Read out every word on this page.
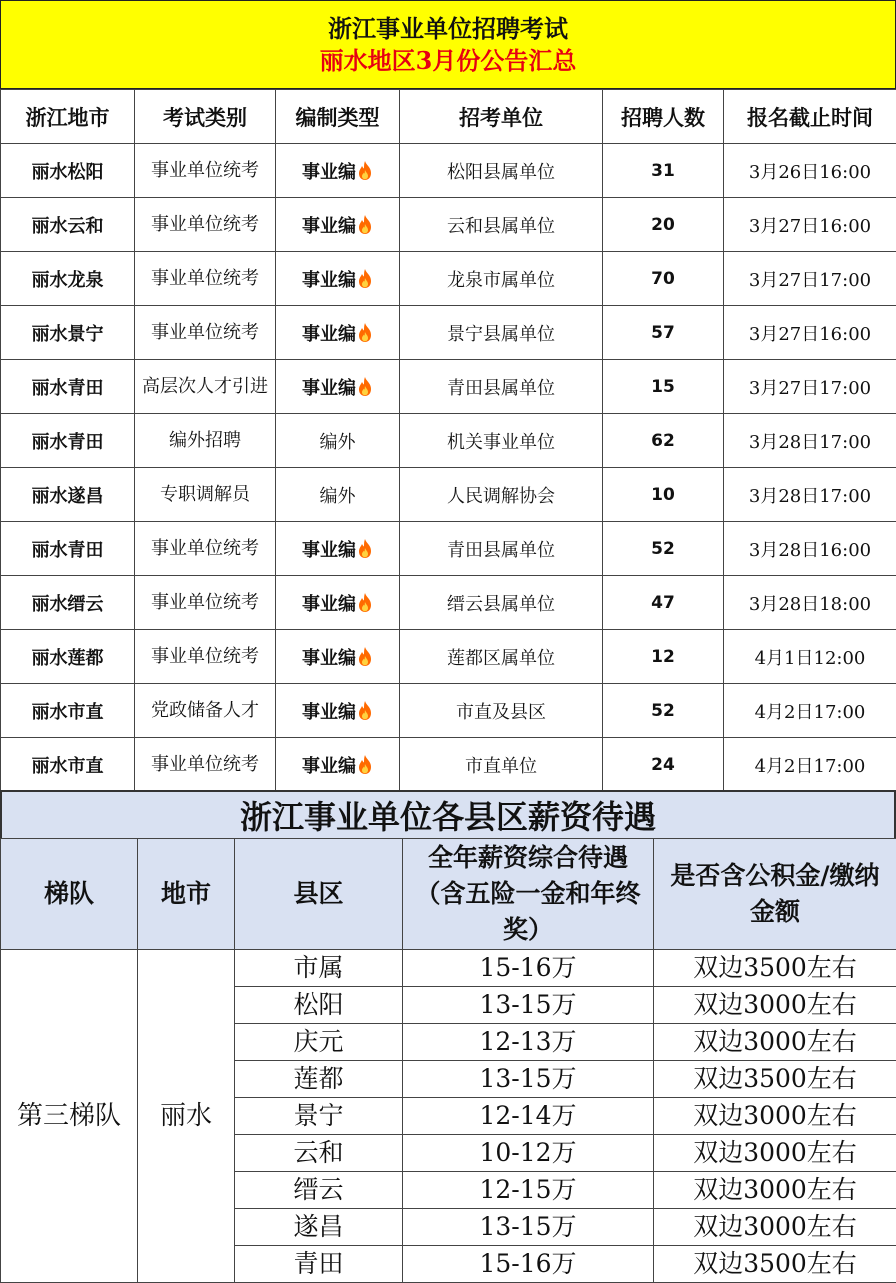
浙江事业单位招聘考试
丽水地区3月份公告汇总
浙江地市	考试类别	编制类型	招考单位	招聘人数	报名截止时间
丽水松阳	事业单位统考	事业编	松阳县属单位	31	3月26日16:00
丽水云和	事业单位统考	事业编	云和县属单位	20	3月27日16:00
丽水龙泉	事业单位统考	事业编	龙泉市属单位	70	3月27日17:00
丽水景宁	事业单位统考	事业编	景宁县属单位	57	3月27日16:00
丽水青田	高层次人才引进	事业编	青田县属单位	15	3月27日17:00
丽水青田	编外招聘	编外	机关事业单位	62	3月28日17:00
丽水遂昌	专职调解员	编外	人民调解协会	10	3月28日17:00
丽水青田	事业单位统考	事业编	青田县属单位	52	3月28日16:00
丽水缙云	事业单位统考	事业编	缙云县属单位	47	3月28日18:00
丽水莲都	事业单位统考	事业编	莲都区属单位	12	4月1日12:00
丽水市直	党政储备人才	事业编	市直及县区	52	4月2日17:00
丽水市直	事业单位统考	事业编	市直单位	24	4月2日17:00
浙江事业单位各县区薪资待遇
梯队	地市	县区	全年薪资综合待遇（含五险一金和年终奖）	是否含公积金/缴纳金额
第三梯队	丽水	市属	15-16万	双边3500左右
		松阳	13-15万	双边3000左右
		庆元	12-13万	双边3000左右
		莲都	13-15万	双边3500左右
		景宁	12-14万	双边3000左右
		云和	10-12万	双边3000左右
		缙云	12-15万	双边3000左右
		遂昌	13-15万	双边3000左右
		青田	15-16万	双边3500左右
